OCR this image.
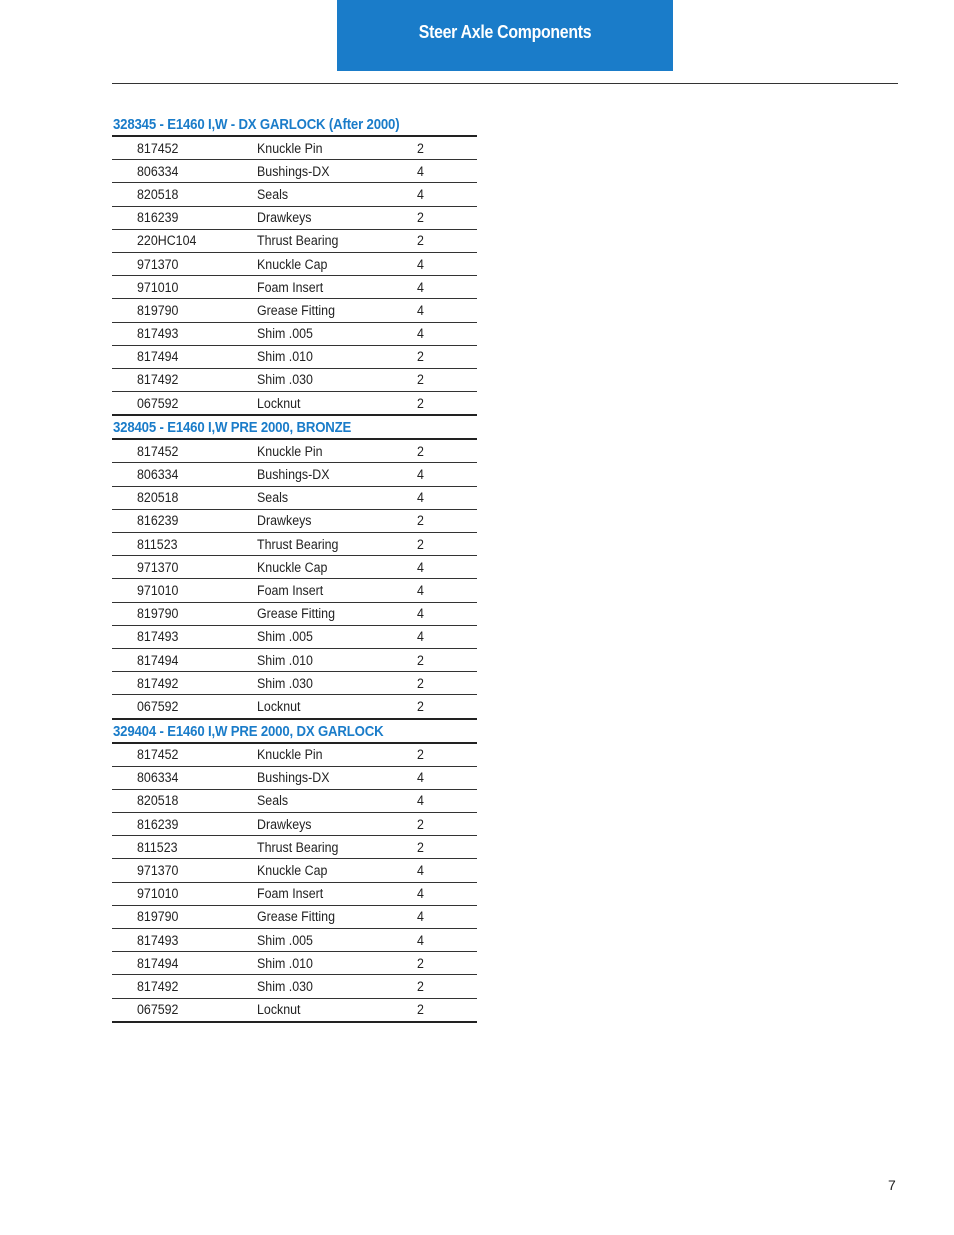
Steer Axle Components
328345 - E1460 I,W - DX GARLOCK (After 2000)
817452	Knuckle Pin	2
806334	Bushings-DX	4
820518	Seals	4
816239	Drawkeys	2
220HC104	Thrust Bearing	2
971370	Knuckle Cap	4
971010	Foam Insert	4
819790	Grease Fitting	4
817493	Shim .005	4
817494	Shim .010	2
817492	Shim .030	2
067592	Locknut	2
328405 - E1460 I,W PRE 2000, BRONZE
817452	Knuckle Pin	2
806334	Bushings-DX	4
820518	Seals	4
816239	Drawkeys	2
811523	Thrust Bearing	2
971370	Knuckle Cap	4
971010	Foam Insert	4
819790	Grease Fitting	4
817493	Shim .005	4
817494	Shim .010	2
817492	Shim .030	2
067592	Locknut	2
329404 - E1460 I,W PRE 2000, DX GARLOCK
817452	Knuckle Pin	2
806334	Bushings-DX	4
820518	Seals	4
816239	Drawkeys	2
811523	Thrust Bearing	2
971370	Knuckle Cap	4
971010	Foam Insert	4
819790	Grease Fitting	4
817493	Shim .005	4
817494	Shim .010	2
817492	Shim .030	2
067592	Locknut	2
7
